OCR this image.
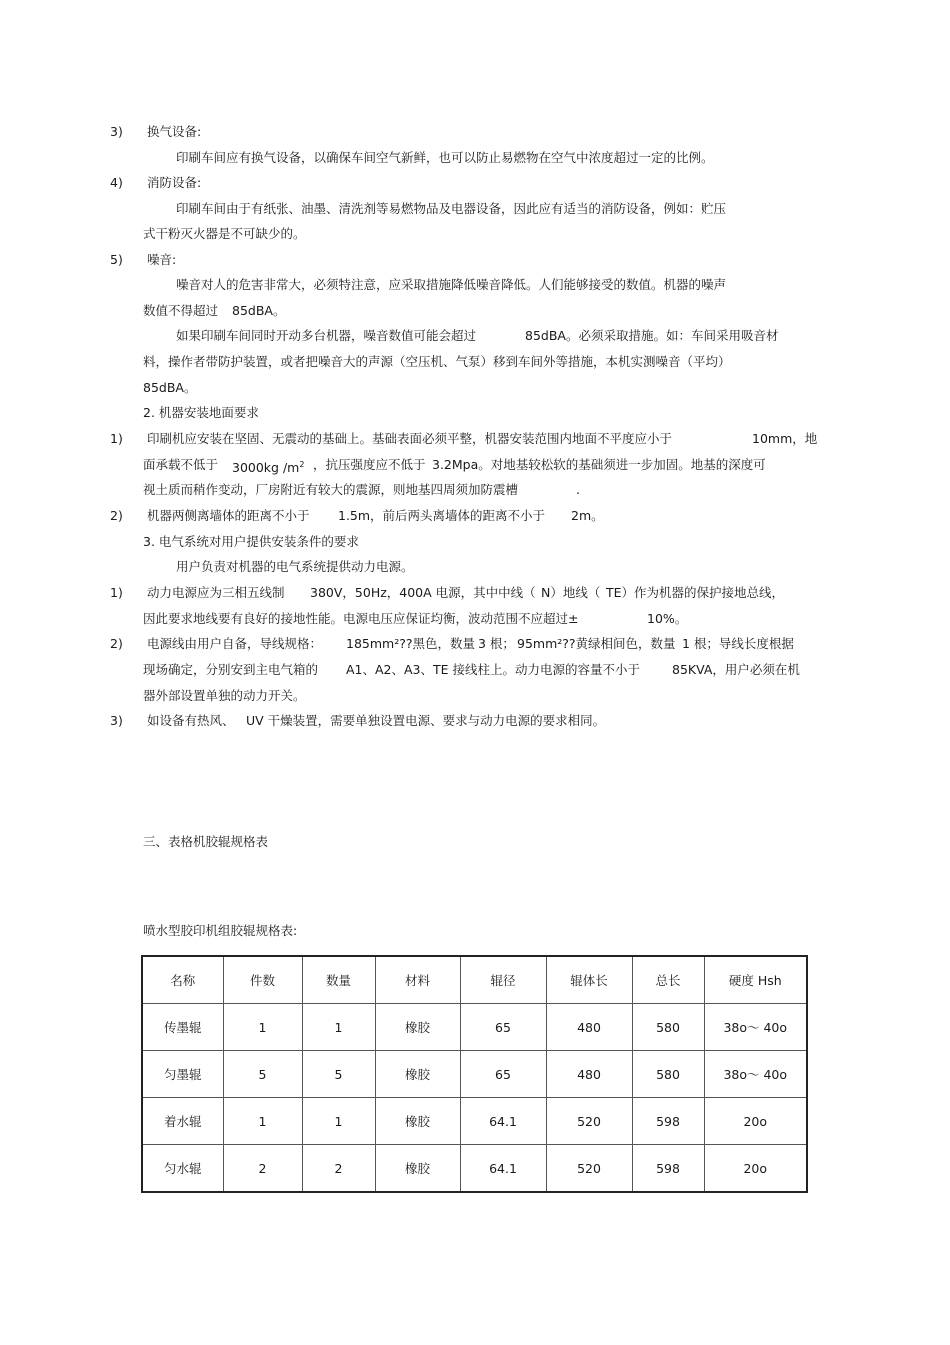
3) 换气设备:
印刷车间应有换气设备，以确保车间空气新鲜，也可以防止易燃物在空气中浓度超过一定的比例。
4) 消防设备:
印刷车间由于有纸张、油墨、清洗剂等易燃物品及电器设备，因此应有适当的消防设备，例如：贮压
式干粉灭火器是不可缺少的。
5) 噪音:
噪音对人的危害非常大，必须特注意，应采取措施降低噪音降低。人们能够接受的数值。机器的噪声
数值不得超过 85dBA。
如果印刷车间同时开动多台机器，噪音数值可能会超过	85dBA。必须采取措施。如：车间采用吸音材
料，操作者带防护装置，或者把噪音大的声源（空压机、气泵）移到车间外等措施，本机实测噪音（平均）
85dBA。
2. 机器安装地面要求
1) 印刷机应安装在坚固、无震动的基础上。基础表面必须平整，机器安装范围内地面不平度应小于	10mm，地
面承载不低于 3000kg $/m^2$ ，抗压强度应不低于 3.2Mpa。对地基较松软的基础须进一步加固。地基的深度可
视土质而稍作变动，厂房附近有较大的震源，则地基四周须加防震槽	.
2) 机器两侧离墙体的距离不小于 1.5m，前后两头离墙体的距离不小于 2m。
3. 电气系统对用户提供安装条件的要求
用户负责对机器的电气系统提供动力电源。
1) 动力电源应为三相五线制 380V，50Hz，400A 电源，其中中线（ N）地线（ TE）作为机器的保护接地总线，
因此要求地线要有良好的接地性能。电源电压应保证均衡，波动范围不应超过±	10%。
2) 电源线由用户自备，导线规格： 185mm²??黑色，数量 3 根； 95mm²??黄绿相间色，数量 1 根；导线长度根据
现场确定，分别安到主电气箱的 A1、A2、A3、TE 接线柱上。动力电源的容量不小于	85KVA，用户必须在机
器外部设置单独的动力开关。
3) 如设备有热风、 UV 干燥装置，需要单独设置电源、要求与动力电源的要求相同。
三、表格机胶辊规格表
喷水型胶印机组胶辊规格表:
名称	件数	数量	材料	辊径	辊体长	总长	硬度 Hsh
传墨辊	1	1	橡胶	65	480	580	38o～ 40o
匀墨辊	5	5	橡胶	65	480	580	38o～ 40o
着水辊	1	1	橡胶	64.1	520	598	20o
匀水辊	2	2	橡胶	64.1	520	598	20o
